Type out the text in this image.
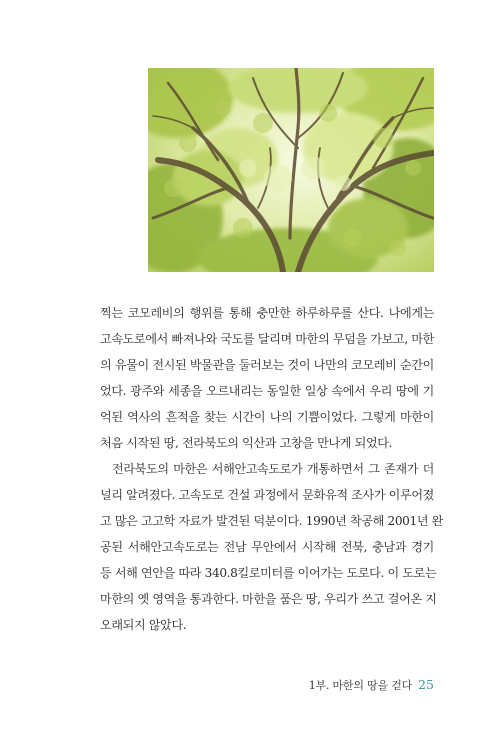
찍는 코모레비의 행위를 통해 충만한 하루하루를 산다. 나에게는
고속도로에서 빠져나와 국도를 달리며 마한의 무덤을 가보고, 마한
의 유물이 전시된 박물관을 둘러보는 것이 나만의 코모레비 순간이
었다. 광주와 세종을 오르내리는 동일한 일상 속에서 우리 땅에 기
억된 역사의 흔적을 찾는 시간이 나의 기쁨이었다. 그렇게 마한이
처음 시작된 땅, 전라북도의 익산과 고창을 만나게 되었다.
전라북도의 마한은 서해안고속도로가 개통하면서 그 존재가 더
널리 알려졌다. 고속도로 건설 과정에서 문화유적 조사가 이루어졌
고 많은 고고학 자료가 발견된 덕분이다. 1990년 착공해 2001년 완
공된 서해안고속도로는 전남 무안에서 시작해 전북, 충남과 경기
등 서해 연안을 따라 340.8킬로미터를 이어가는 도로다. 이 도로는
마한의 옛 영역을 통과한다. 마한을 품은 땅, 우리가 쓰고 걸어온 지
오래되지 않았다.
1부. 마한의 땅을 걷다 25
